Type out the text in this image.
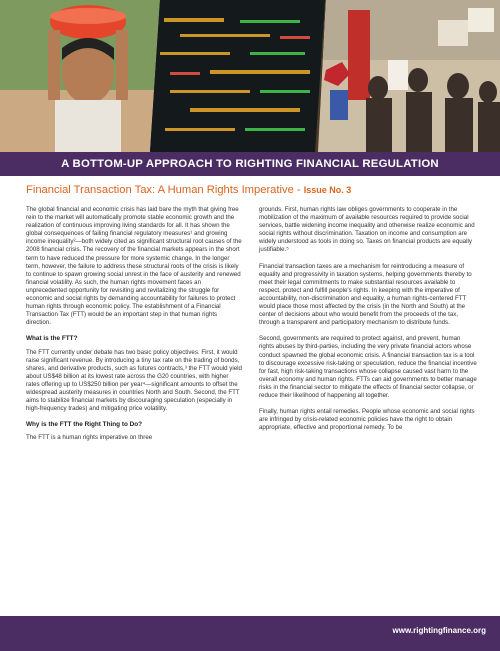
A BOTTOM-UP APPROACH TO RIGHTING FINANCIAL REGULATION
Financial Transaction Tax: A Human Rights Imperative - Issue No. 3

The global financial and economic crisis has laid bare the myth that giving free rein to the market will automatically promote stable economic growth and the realization of continuous improving living standards for all. It has shown the global consequences of failing financial regulatory measures¹ and growing income inequality²—both widely cited as significant structural root causes of the 2008 financial crisis. The recovery of the financial markets appears in the short term to have reduced the pressure for more systemic change. In the longer term, however, the failure to address these structural roots of the crisis is likely to continue to spawn growing social unrest in the face of austerity and renewed financial volatility. As such, the human rights movement faces an unprecedented opportunity for revisiting and revitalizing the struggle for economic and social rights by demanding accountability for failures to protect human rights through economic policy. The establishment of a Financial Transaction Tax (FTT) would be an important step in that human rights direction.

What is the FTT?

The FTT currently under debate has two basic policy objectives. First, it would raise significant revenue. By introducing a tiny tax rate on the trading of bonds, shares, and derivative products, such as futures contracts,³ the FTT would yield about US$48 billion at its lowest rate across the G20 countries, with higher rates offering up to US$250 billion per year⁴—significant amounts to offset the widespread austerity measures in countries North and South. Second, the FTT aims to stabilize financial markets by discouraging speculation (especially in high-frequency trades) and mitigating price volatility.

Why is the FTT the Right Thing to Do?

The FTT is a human rights imperative on three

grounds. First, human rights law obliges governments to cooperate in the mobilization of the maximum of available resources required to provide social services, battle widening income inequality and otherwise realize economic and social rights without discrimination. Taxation on income and consumption are widely understood as tools in doing so. Taxes on financial products are equally justifiable.⁵

Financial transaction taxes are a mechanism for reintroducing a measure of equality and progressivity in taxation systems, helping governments thereby to meet their legal commitments to make substantial resources available to respect, protect and fulfill people's rights. In keeping with the imperative of accountability, non-discrimination and equality, a human rights-centered FTT would place those most affected by the crisis (in the North and South) at the center of decisions about who would benefit from the proceeds of the tax, through a transparent and participatory mechanism to distribute funds.

Second, governments are required to protect against, and prevent, human rights abuses by third-parties, including the very private financial actors whose conduct spawned the global economic crisis. A financial transaction tax is a tool to discourage excessive risk-taking or speculation, reduce the financial incentive for fast, high risk-taking transactions whose collapse caused vast harm to the overall economy and human rights. FTTs can aid governments to better manage risks in the financial sector to mitigate the effects of financial sector collapse, or reduce their likelihood of happening all together.

Finally, human rights entail remedies. People whose economic and social rights are infringed by crisis-related economic policies have the right to obtain appropriate, effective and proportional remedy. To be

www.rightingfinance.org
